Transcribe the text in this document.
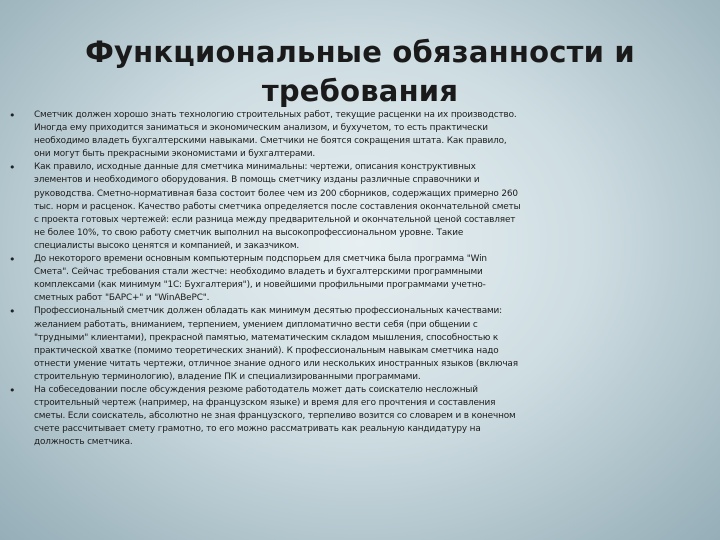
Функциональные обязанности и
требования
•	Сметчик должен хорошо знать технологию строительных работ, текущие расценки на их производство.
Иногда ему приходится заниматься и экономическим анализом, и бухучетом, то есть практически
необходимо владеть бухгалтерскими навыками. Сметчики не боятся сокращения штата. Как правило,
они могут быть прекрасными экономистами и бухгалтерами.
•	Как правило, исходные данные для сметчика минимальны: чертежи, описания конструктивных
элементов и необходимого оборудования. В помощь сметчику изданы различные справочники и
руководства. Сметно-нормативная база состоит более чем из 200 сборников, содержащих примерно 260
тыс. норм и расценок. Качество работы сметчика определяется после составления окончательной сметы
с проекта готовых чертежей: если разница между предварительной и окончательной ценой составляет
не более 10%, то свою работу сметчик выполнил на высокопрофессиональном уровне. Такие
специалисты высоко ценятся и компанией, и заказчиком.
•	До некоторого времени основным компьютерным подспорьем для сметчика была программа "Win
Смета". Сейчас требования стали жестче: необходимо владеть и бухгалтерскими программными
комплексами (как минимум "1С: Бухгалтерия"), и новейшими профильными программами учетно-
сметных работ "БАРС+" и "WinАВеРС".
•	Профессиональный сметчик должен обладать как минимум десятью профессиональных качествами:
желанием работать, вниманием, терпением, умением дипломатично вести себя (при общении с
"трудными" клиентами), прекрасной памятью, математическим складом мышления, способностью к
практической хватке (помимо теоретических знаний). К профессиональным навыкам сметчика надо
отнести умение читать чертежи, отличное знание одного или нескольких иностранных языков (включая
строительную терминологию), владение ПК и специализированными программами.
•	На собеседовании после обсуждения резюме работодатель может дать соискателю несложный
строительный чертеж (например, на французском языке) и время для его прочтения и составления
сметы. Если соискатель, абсолютно не зная французского, терпеливо возится со словарем и в конечном
счете рассчитывает смету грамотно, то его можно рассматривать как реальную кандидатуру на
должность сметчика.
